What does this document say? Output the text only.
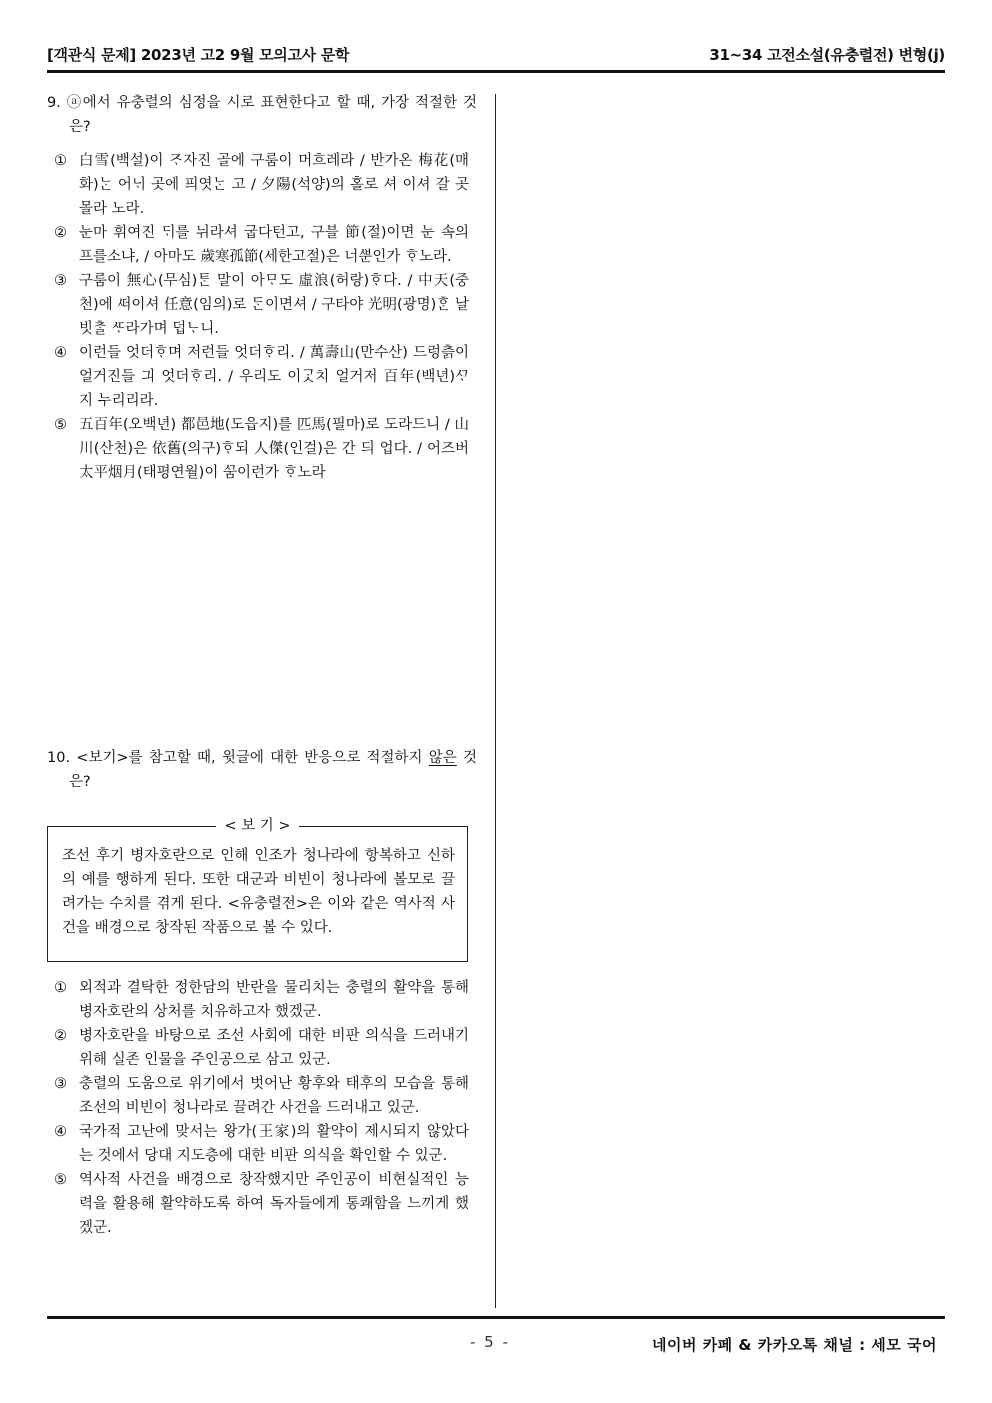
[객관식 문제] 2023년 고2 9월 모의고사 문학	31~34 고전소설(유충렬전) 변형(j)
9. ⓐ에서 유충렬의 심정을 시로 표현한다고 할 때, 가장 적절한 것은?
① 白雪(백설)이 ᄌᆞ자진 골에 구룸이 머흐레라 / 반가온 梅花(매화)ᄂᆞᆫ 어ᄂᆡ 곳에 픠엿ᄂᆞᆫ 고 / 夕陽(석양)의 홀로 셔 이셔 갈 곳 몰라 노라.
② 눈마 휘여진 ᄃᆡ를 뉘라셔 굽다턴고, 구블 節(절)이면 눈 속의 프를소냐, / 아마도 歲寒孤節(세한고절)은 너ᄲᅮᆫ인가 ᄒᆞ노라.
③ 구룸이 無心(무심)ᄐᆞᆫ 말이 아ᄆᆞ도 虛浪(허랑)ᄒᆞ다. / 中天(중천)에 ᄯᅥ이셔 任意(임의)로 ᄃᆞᆫ이면셔 / 구타야 光明(광명)ᄒᆞᆫ 날빗ᄎᆞᆯ ᄯᆞ라가며 덥ᄂᆞ니.
④ 이런들 엇더ᄒᆞ며 저런들 엇더ᄒᆞ리. / 萬壽山(만수산) 드렁츩이 얼거진들 긔 엇더ᄒᆞ리. / 우리도 이ᄀᆞᆺ치 얼거저 百年(백년)ᄭᆞ지 누리리라.
⑤ 五百年(오백년) 都邑地(도읍지)를 匹馬(필마)로 도라드니 / 山川(산천)은 依舊(의구)ᄒᆞ되 人傑(인걸)은 간 듸 업다. / 어즈버 太平烟月(태평연월)이 ᄭᅮᆷ이런가 ᄒᆞ노라
10. <보기>를 참고할 때, 윗글에 대한 반응으로 적절하지 않은 것은?
< 보 기 >
조선 후기 병자호란으로 인해 인조가 청나라에 항복하고 신하의 예를 행하게 된다. 또한 대군과 비빈이 청나라에 볼모로 끌려가는 수치를 겪게 된다. <유충렬전>은 이와 같은 역사적 사건을 배경으로 창작된 작품으로 볼 수 있다.
① 외적과 결탁한 정한담의 반란을 물리치는 충렬의 활약을 통해 병자호란의 상처를 치유하고자 했겠군.
② 병자호란을 바탕으로 조선 사회에 대한 비판 의식을 드러내기 위해 실존 인물을 주인공으로 삼고 있군.
③ 충렬의 도움으로 위기에서 벗어난 황후와 태후의 모습을 통해 조선의 비빈이 청나라로 끌려간 사건을 드러내고 있군.
④ 국가적 고난에 맞서는 왕가(王家)의 활약이 제시되지 않았다는 것에서 당대 지도층에 대한 비판 의식을 확인할 수 있군.
⑤ 역사적 사건을 배경으로 창작했지만 주인공이 비현실적인 능력을 활용해 활약하도록 하여 독자들에게 통쾌함을 느끼게 했겠군.
- 5 -	네이버 카페 & 카카오톡 채널 : 세모 국어
